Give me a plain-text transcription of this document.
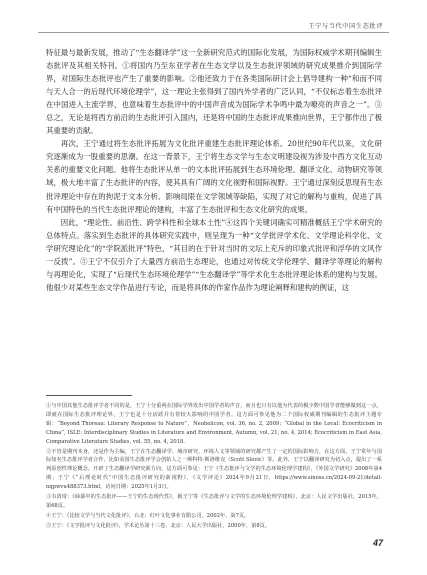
王宁与当代中国生态批评

特征最与最新发展，推动了“生态翻译学”这一全新研究范式的国际化发展，为国际权威学术期刊编辑生态批评及其相关特刊。①将国内乃至东亚学者在生态文学以及生态批评领域的研究成果推介到国际学界，对国际生态批评也产生了重要的影响。②他还致力于在各类国际研讨会上倡导建构一种“和而不同与天人合一的后现代环境伦理学”，这一理论主张得到了国内外学者的广泛认同，“不仅标志着生态批评在中国进入主流学界，也意味着生态批评中的中国声音成为国际学术争鸣中最为嘹亮的声音之一”。③总之，无论是将西方前沿的生态批评引入国内，还是将中国的生态批评成果推向世界，王宁都作出了极其重要的贡献。

再次，王宁通过将生态批评拓展为文化批评重建生态批评理论体系。20世纪90年代以来，文化研究逐渐成为一股重要的思潮。在这一背景下，王宁将生态文学与生态文明建设视为涉及中西方文化互动关系的重要文化问题。他将生态批评从单一的文本批评拓展到生态环境伦理、翻译文化、动物研究等领域，极大地丰富了生态批评的内容，使其具有广阔的文化视野和国际视野。王宁通过深刻反思现有生态批评理论中存在的拘泥于文本分析、影响局限在文学领域等缺陷，实现了对它的解构与重构，促进了具有中国特色的当代生态批评理论的建构，丰富了生态批评和生态文化研究的成果。

因此，“理论性、前沿性、跨学科性和全球本土性”④这四个关键词确实可精准概括王宁学术研究的总体特点。落实到生态批评的具体研究实践中，则呈现为一种“文学批评学术化、文学理论科学化、文学研究理论化”的“学院派批评”特色，“其目的在于针对当时的文坛上充斥的印象式批评和浮华的文风作一反拨”。⑤王宁不仅引介了大量西方前沿生态理论，也通过对传统文学伦理学、翻译学等理论的解构与再理论化，实现了“后现代生态环境伦理学”“生态翻译学”等学术化生态批评理论体系的建构与发展。他很少对某些生态文学作品进行专论，而是将具体的作家作品作为理论阐释和建构的例证，这

①与中国其他生态批评学者不同的是，王宁十分重视在国际学界发出中国学者的声音，而且也只有以他为代表的极少数中国学者能够做到这一点，即就在国际生态批评理论界，王宁也是十分活跃并有着较大影响的中国学者。这方面可参见他为二个国际权威期刊编辑的生态批评主题专辑：“Beyond Thoreau: Literary Response to Nature”，Neohelicon, vol. 36, no. 2, 2009；“Global in the Local: Ecocriticism in China”, ISLE: Interdisciplinary Studies in Literature and Environment, Autumn, vol. 21, no. 4, 2014; Ecocriticism in East Asia, Comparative Literature Studies, vol. 55, no. 4, 2018.

②不管是期刊本身，还是作为主编，王宁在生态翻译学、城市研究、环境人文等领域的研究都产生了一定的国际影响力，在这方面，王宁常年与国际知名生态批评学者合作，比如美国生态批评学会创始人之一斯科特·斯洛维克（Scott Slovic）等。此外，王宁以翻译研究为切入点，提出了一系列原创性理论概念，开辟了生态翻译学研究新方向，这方面可参见：王宁《生态批评与文学的生态环境伦理学建构》，《外国文学研究》2008年第4期；王宁《“后理论时代”中国生态批评研究的新视野》，《文学评论》2024年9月21日，https://www.sinoss.cn/2024-09-21/detail-nqpwvu488373.html，访问日期：2025年1月3日。

③韦清琦：《绿幕中的生态批评——王宁的生态现代性》，载王宁等《生态批评与文学的生态环境伦理学建构》，北京：人民文学出版社，2015年，第68页。

④王宁：《比较文学与当代文化批评》，台北：红叶文化事业有限公司，2002年，第7页。

⑤王宁：《文学批评与文化批评》，学术论丛第十三卷，北京：人民大学出版社，2000年，第8页。

47
